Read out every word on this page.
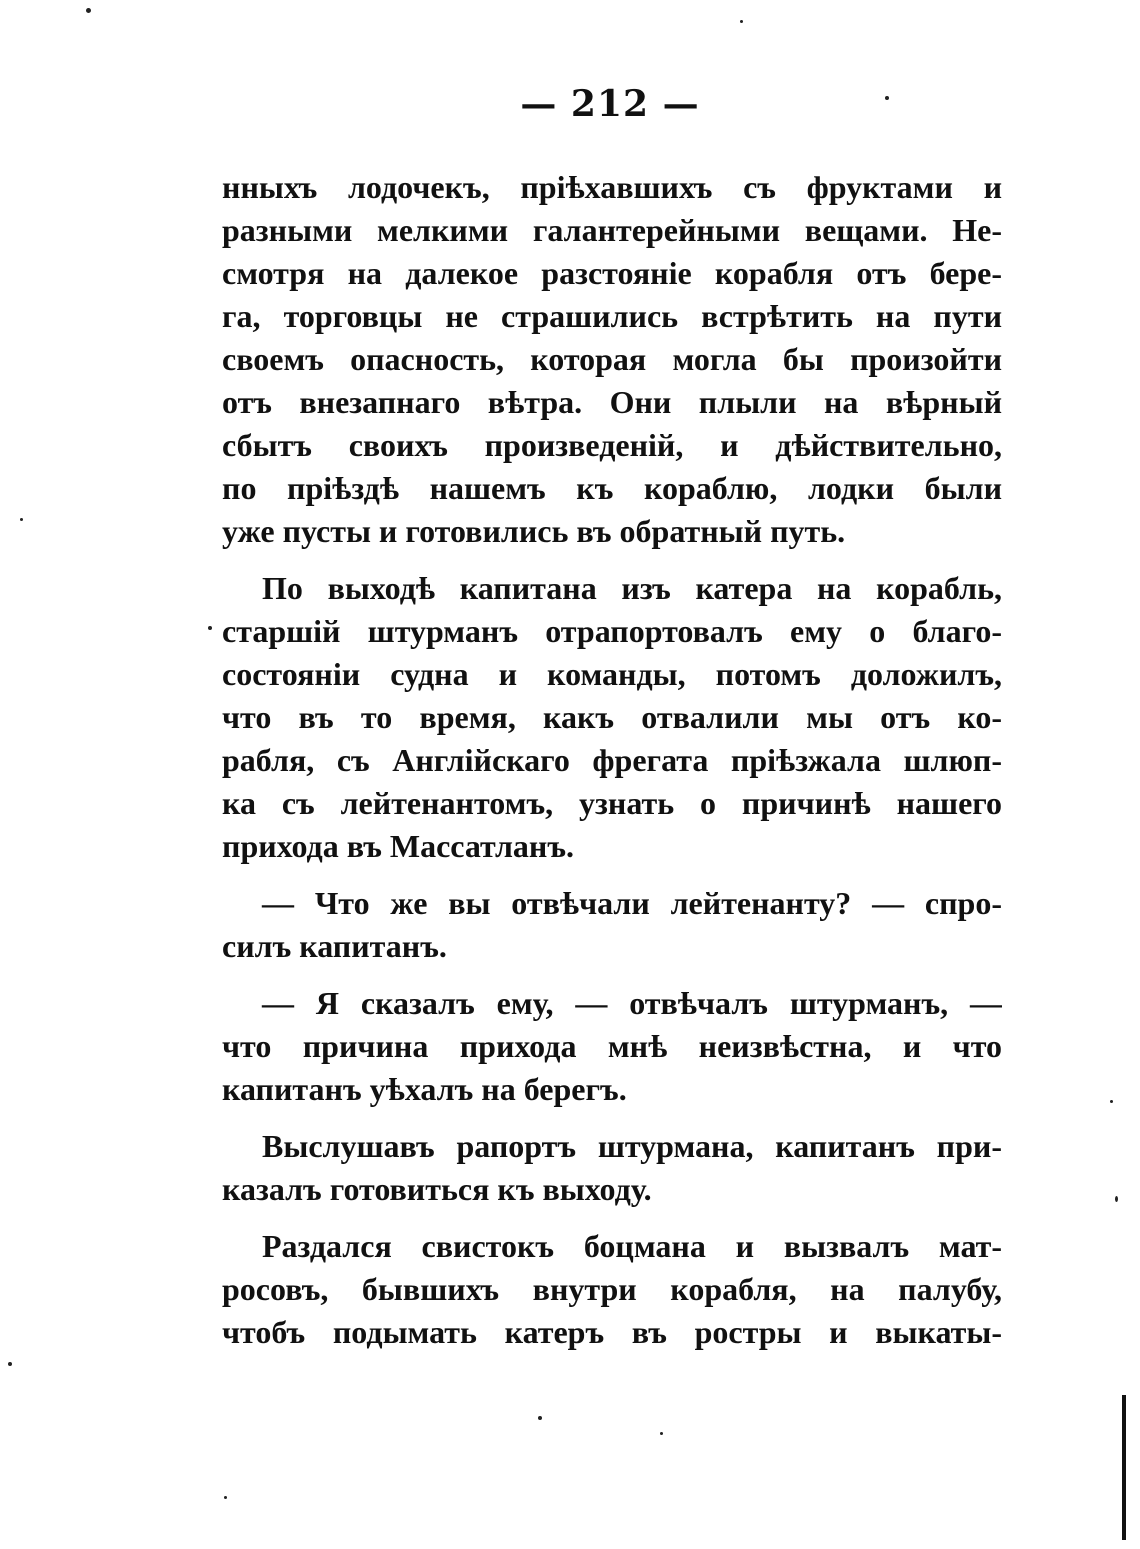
— 212 —
нныхъ лодочекъ, пріѣхавшихъ съ фруктами и
разными мелкими галантерейными вещами. Не-
смотря на далекое разстояніе корабля отъ бере-
га, торговцы не страшились встрѣтить на пути
своемъ опасность, которая могла бы произойти
отъ внезапнаго вѣтра. Они плыли на вѣрный
сбытъ своихъ произведеній, и дѣйствительно,
по пріѣздѣ нашемъ къ кораблю, лодки были
уже пусты и готовились въ обратный путь.
По выходѣ капитана изъ катера на корабль,
старшій штурманъ отрапортовалъ ему о благо-
состояніи судна и команды, потомъ доложилъ,
что въ то время, какъ отвалили мы отъ ко-
рабля, съ Англійскаго фрегата пріѣзжала шлюп-
ка съ лейтенантомъ, узнать о причинѣ нашего
прихода въ Массатланъ.
— Что же вы отвѣчали лейтенанту? — спро-
силъ капитанъ.
— Я сказалъ ему, — отвѣчалъ штурманъ, —
что причина прихода мнѣ неизвѣстна, и что
капитанъ уѣхалъ на берегъ.
Выслушавъ рапортъ штурмана, капитанъ при-
казалъ готовиться къ выходу.
Раздался свистокъ боцмана и вызвалъ мат-
росовъ, бывшихъ внутри корабля, на палубу,
чтобъ подымать катеръ въ ростры и выкаты-
